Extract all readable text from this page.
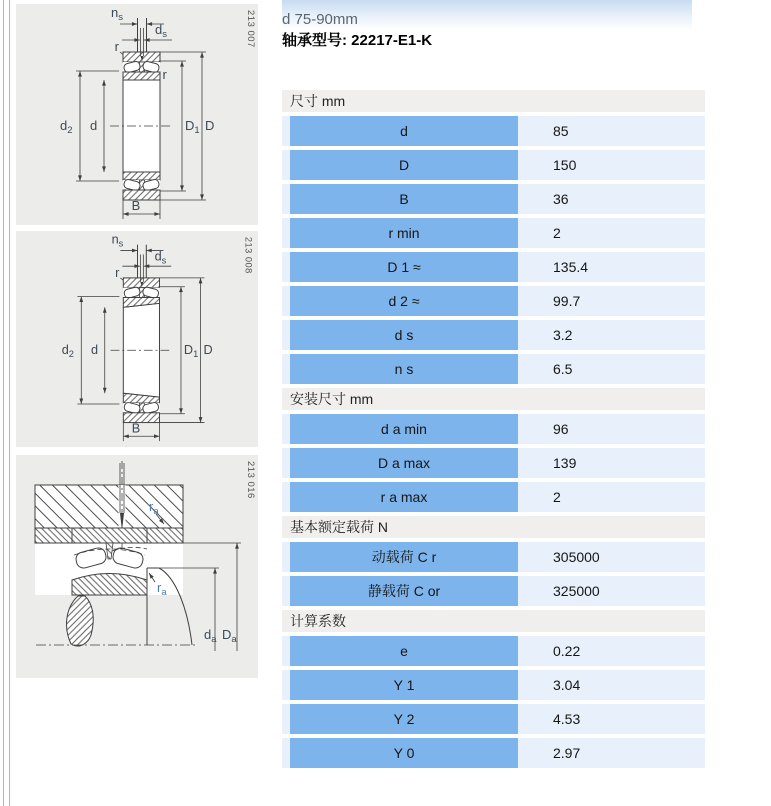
$n_s$
$d_s$
r
r
$d_2$ d	$D_1$ D
B
213 007
$n_s$
$d_s$
r
$d_2$ d	$D_1$ D
B
213 008
$r_a$
$r_a$
$d_a$ $D_a$
213 016
d 75-90mm
轴承型号: 22217-E1-K
尺寸 mm
d	85
D	150
B	36
r min	2
D 1 ≈	135.4
d 2 ≈	99.7
d s	3.2
n s	6.5
安装尺寸 mm
d a min	96
D a max	139
r a max	2
基本额定载荷 N
动载荷 C r	305000
静载荷 C or	325000
计算系数
e	0.22
Y 1	3.04
Y 2	4.53
Y 0	2.97
